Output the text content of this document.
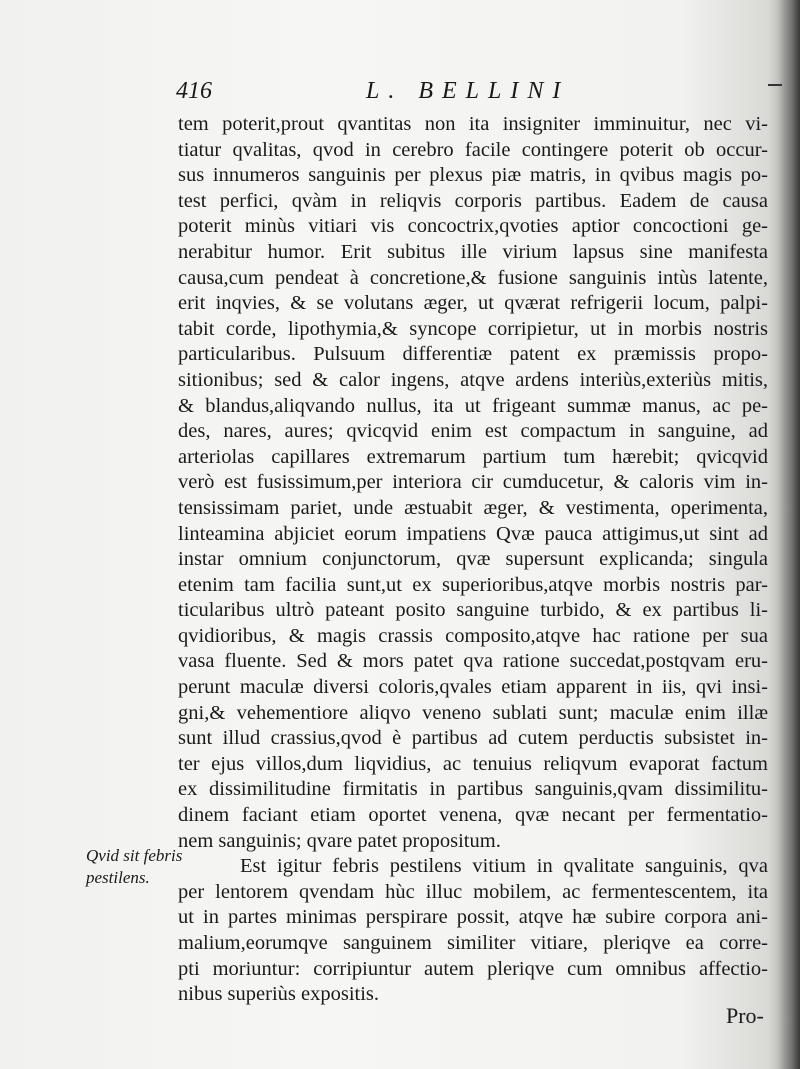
416	L. BELLINI
tem poterit,prout qvantitas non ita insigniter imminuitur, nec vi-
tiatur qvalitas, qvod in cerebro facile contingere poterit ob occur-
sus innumeros sanguinis per plexus piæ matris, in qvibus magis po-
test perfici, qvàm in reliqvis corporis partibus. Eadem de causa
poterit minùs vitiari vis concoctrix,qvoties aptior concoctioni ge-
nerabitur humor. Erit subitus ille virium lapsus sine manifesta
causa,cum pendeat à concretione,& fusione sanguinis intùs latente,
erit inqvies, & se volutans æger, ut qværat refrigerii locum, palpi-
tabit corde, lipothymia,& syncope corripietur, ut in morbis nostris
particularibus. Pulsuum differentiæ patent ex præmissis propo-
sitionibus; sed & calor ingens, atqve ardens interiùs,exteriùs mitis,
& blandus,aliqvando nullus, ita ut frigeant summæ manus, ac pe-
des, nares, aures; qvicqvid enim est compactum in sanguine, ad
arteriolas capillares extremarum partium tum hærebit; qvicqvid
verò est fusissimum,per interiora cir cumducetur, & caloris vim in-
tensissimam pariet, unde æstuabit æger, & vestimenta, operimenta,
linteamina abjiciet eorum impatiens Qvæ pauca attigimus,ut sint ad
instar omnium conjunctorum, qvæ supersunt explicanda; singula
etenim tam facilia sunt,ut ex superioribus,atqve morbis nostris par-
ticularibus ultrò pateant posito sanguine turbido, & ex partibus li-
qvidioribus, & magis crassis composito,atqve hac ratione per sua
vasa fluente. Sed & mors patet qva ratione succedat,postqvam eru-
perunt maculæ diversi coloris,qvales etiam apparent in iis, qvi insi-
gni,& vehementiore aliqvo veneno sublati sunt; maculæ enim illæ
sunt illud crassius,qvod è partibus ad cutem perductis subsistet in-
ter ejus villos,dum liqvidius, ac tenuius reliqvum evaporat factum
ex dissimilitudine firmitatis in partibus sanguinis,qvam dissimilitu-
dinem faciant etiam oportet venena, qvæ necant per fermentatio-
nem sanguinis; qvare patet propositum.
Est igitur febris pestilens vitium in qvalitate sanguinis, qva
per lentorem qvendam hùc illuc mobilem, ac fermentescentem, ita
ut in partes minimas perspirare possit, atqve hæ subire corpora ani-
malium,eorumqve sanguinem similiter vitiare, pleriqve ea corre-
pti moriuntur: corripiuntur autem pleriqve cum omnibus affectio-
nibus superiùs expositis.
Qvid sit febris
pestilens.
Pro-
